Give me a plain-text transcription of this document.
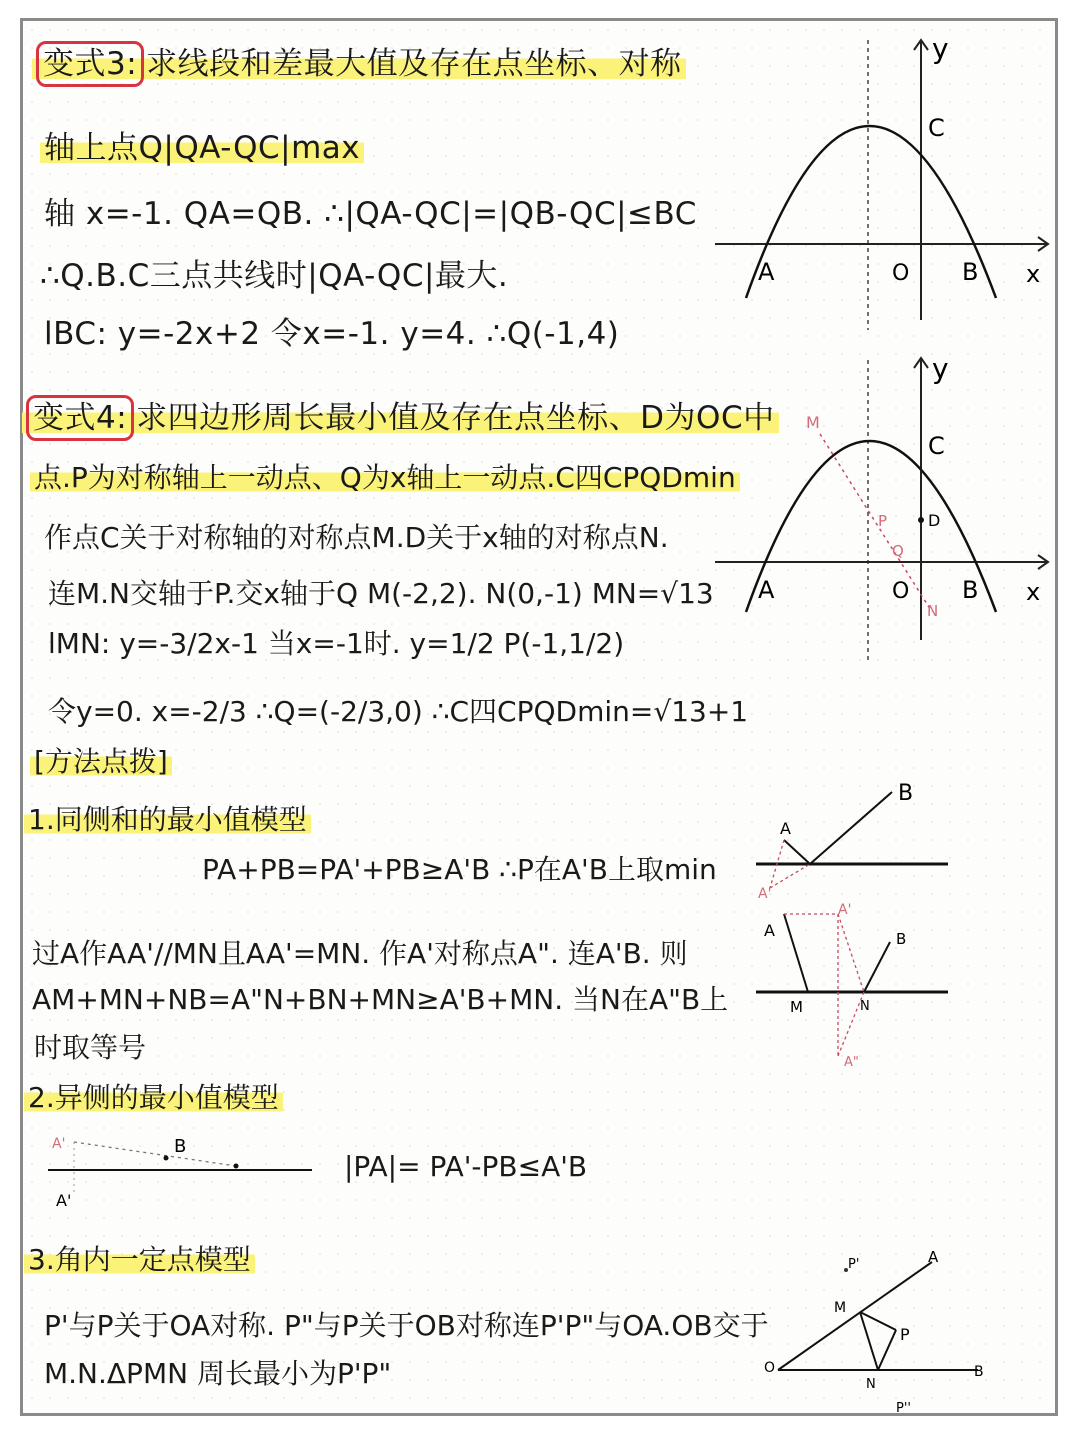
变式3: 求线段和差最大值及存在点坐标、对称
轴上点Q|QA-QC|max
轴 x=-1. QA=QB. ∴|QA-QC|=|QB-QC|≤BC
∴Q.B.C三点共线时|QA-QC|最大.
lBC: y=-2x+2 令x=-1. y=4. ∴Q(-1,4)
变式4: 求四边形周长最小值及存在点坐标、D为OC中
点.P为对称轴上一动点、Q为x轴上一动点.C四CPQDmin
作点C关于对称轴的对称点M.D关于x轴的对称点N.
连M.N交轴于P.交x轴于Q M(-2,2). N(0,-1) MN=√13
lMN: y=-3/2x-1 当x=-1时. y=1/2 P(-1,1/2)
令y=0. x=-2/3 ∴Q=(-2/3,0) ∴C四CPQDmin=√13+1
[方法点拨]
1.同侧和的最小值模型
PA+PB=PA'+PB≥A'B ∴P在A'B上取min
过A作AA'//MN且AA'=MN. 作A'对称点A". 连A'B. 则
AM+MN+NB=A"N+BN+MN≥A'B+MN. 当N在A"B上
时取等号
2.异侧的最小值模型
|PA|= PA'-PB≤A'B
3.角内一定点模型
P'与P关于OA对称. P"与P关于OB对称连P'P"与OA.OB交于
M.N.ΔPMN 周长最小为P'P"
y
x
C
A	O B
y
x
C
A	O B
M
P	D
Q
N
B
A
A'
A
A'
B
M	N
A"
A'	B
A'
P'	A
M
P
O
N
B
P''
